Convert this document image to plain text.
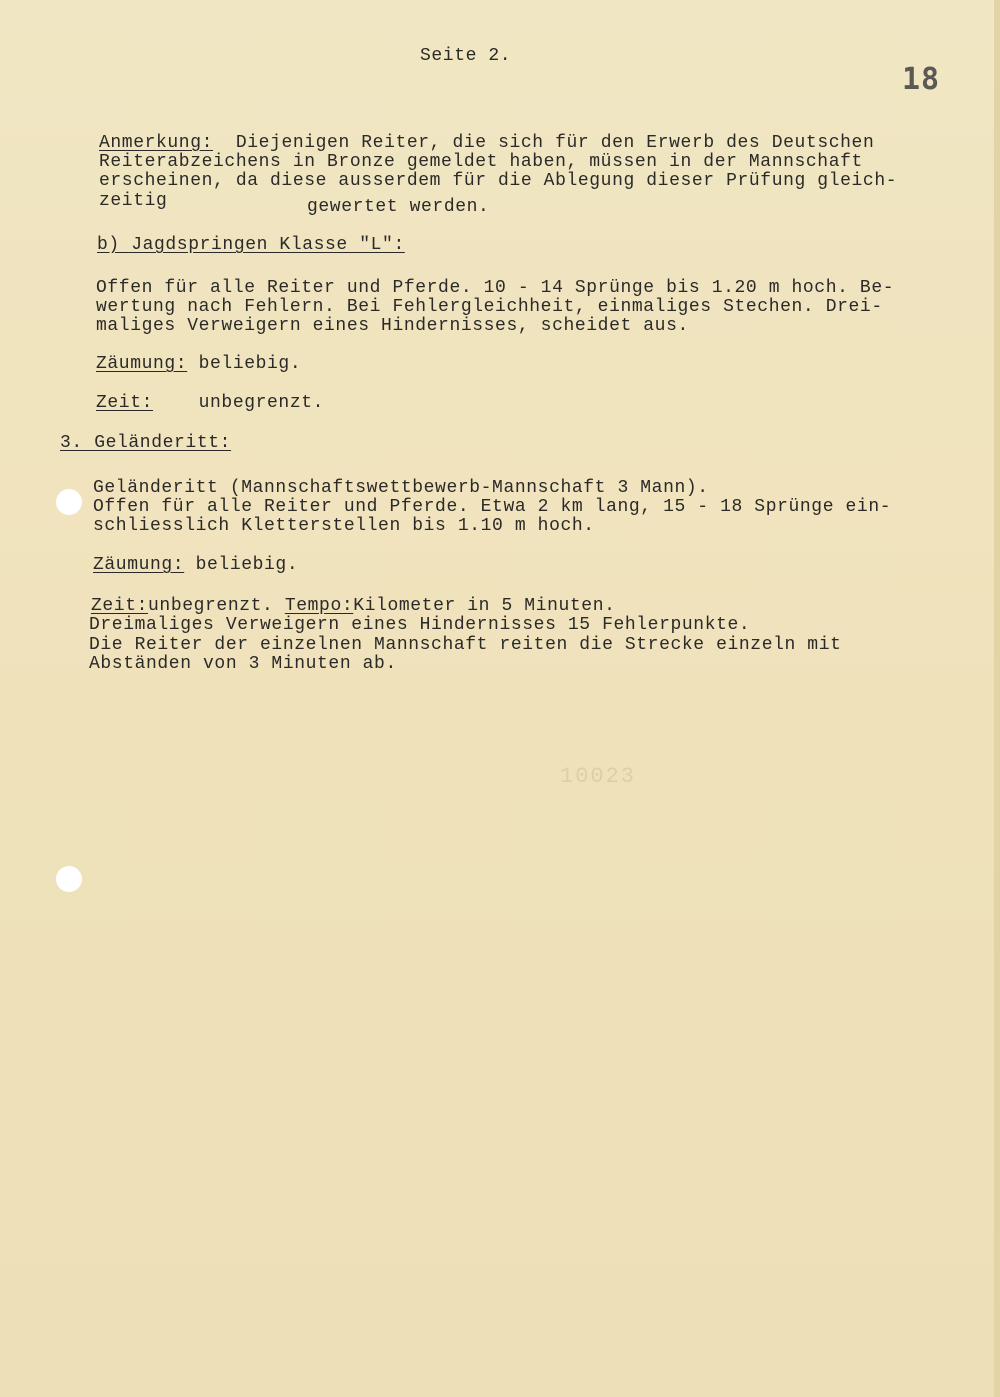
Seite 2.
18
Anmerkung: Diejenigen Reiter, die sich für den Erwerb des Deutschen
Reiterabzeichens in Bronze gemeldet haben, müssen in der Mannschaft
erscheinen, da diese ausserdem für die Ablegung dieser Prüfung gleich-
zeitig	gewertet werden.
b) Jagdspringen Klasse "L":
Offen für alle Reiter und Pferde. 10 - 14 Sprünge bis 1.20 m hoch. Be-
wertung nach Fehlern. Bei Fehlergleichheit, einmaliges Stechen. Drei-
maliges Verweigern eines Hindernisses, scheidet aus.
Zäumung: beliebig.
Zeit:	unbegrenzt.
3. Geländeritt:
Geländeritt (Mannschaftswettbewerb-Mannschaft 3 Mann).
Offen für alle Reiter und Pferde. Etwa 2 km lang, 15 - 18 Sprünge ein-
schliesslich Kletterstellen bis 1.10 m hoch.
Zäumung: beliebig.
Zeit:unbegrenzt. Tempo:Kilometer in 5 Minuten.
Dreimaliges Verweigern eines Hindernisses 15 Fehlerpunkte.
Die Reiter der einzelnen Mannschaft reiten die Strecke einzeln mit
Abständen von 3 Minuten ab.
10023
